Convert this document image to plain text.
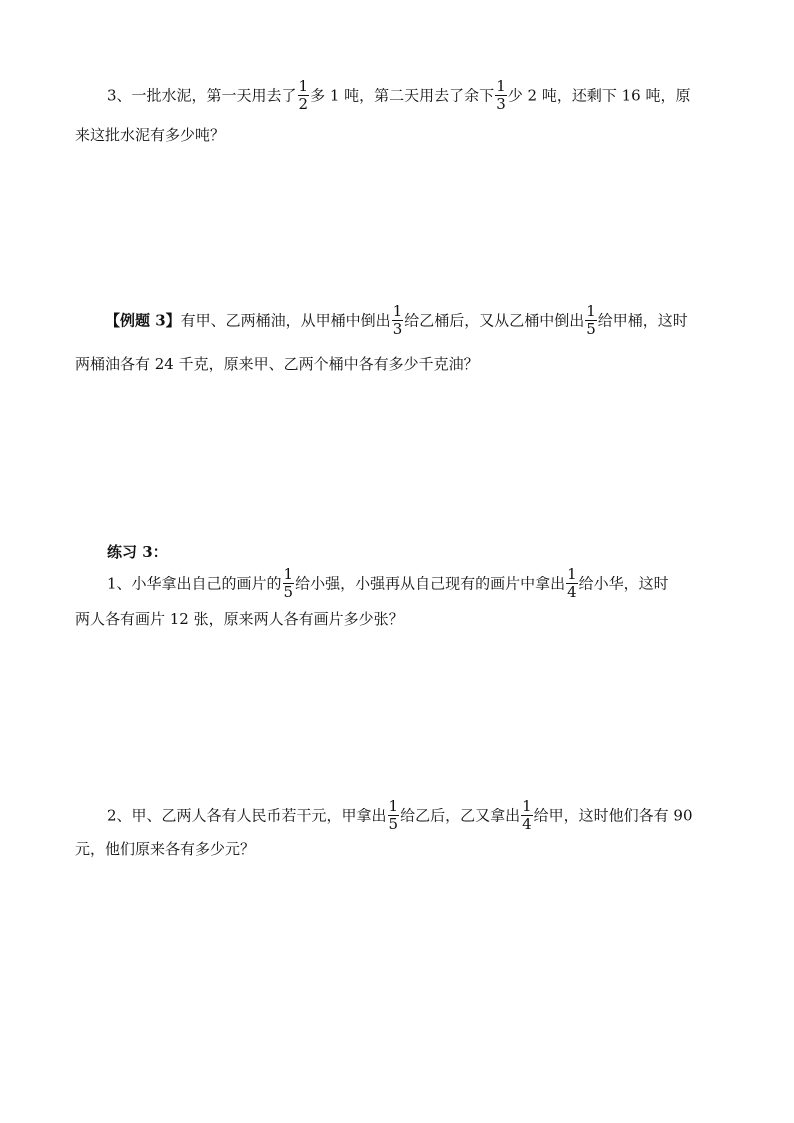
3、一批水泥，第一天用去了 $\frac{1}{2}$ 多 1 吨，第二天用去了余下 $\frac{1}{3}$ 少 2 吨，还剩下 16 吨，原
来这批水泥有多少吨？
【例题 3】有甲、乙两桶油，从甲桶中倒出 $\frac{1}{3}$ 给乙桶后，又从乙桶中倒出 $\frac{1}{5}$ 给甲桶，这时
两桶油各有 24 千克，原来甲、乙两个桶中各有多少千克油？
练习 3：
1、小华拿出自己的画片的 $\frac{1}{5}$ 给小强，小强再从自己现有的画片中拿出 $\frac{1}{4}$ 给小华，这时
两人各有画片 12 张，原来两人各有画片多少张？
2、甲、乙两人各有人民币若干元，甲拿出 $\frac{1}{5}$ 给乙后，乙又拿出 $\frac{1}{4}$ 给甲，这时他们各有 90
元，他们原来各有多少元？
